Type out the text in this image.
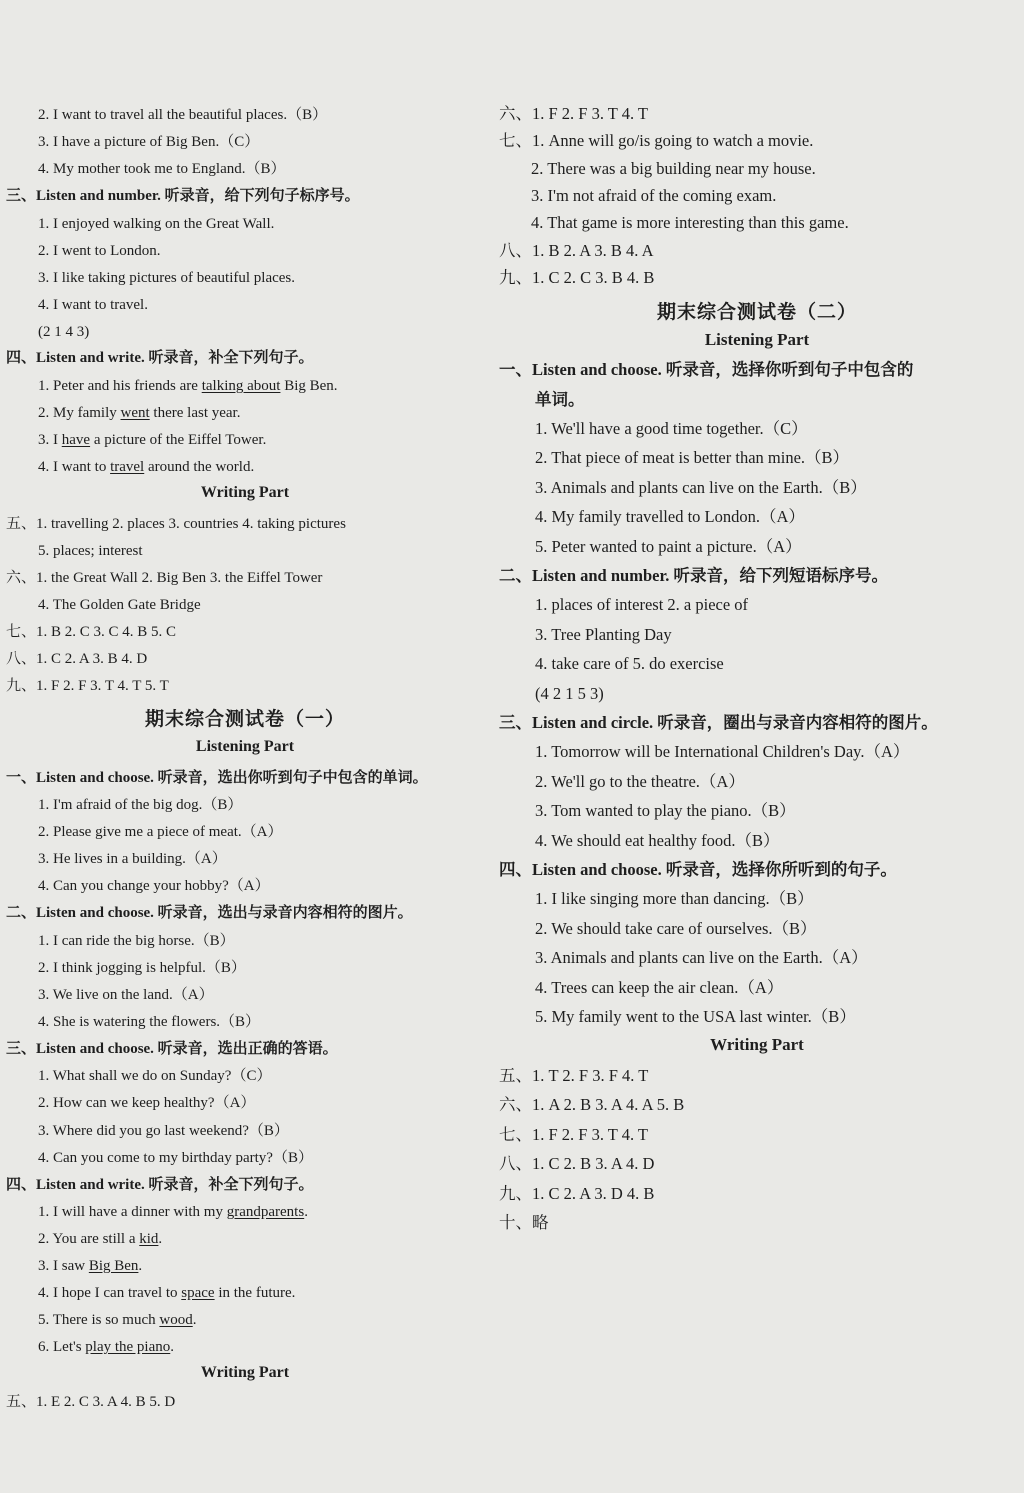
2. I want to travel all the beautiful places.（B）
3. I have a picture of Big Ben.（C）
4. My mother took me to England.（B）
三、Listen and number. 听录音，给下列句子标序号。
1. I enjoyed walking on the Great Wall.
2. I went to London.
3. I like taking pictures of beautiful places.
4. I want to travel.
(2 1 4 3)
四、Listen and write. 听录音，补全下列句子。
1. Peter and his friends are talking about Big Ben.
2. My family went there last year.
3. I have a picture of the Eiffel Tower.
4. I want to travel around the world.
Writing Part
五、1. travelling 2. places 3. countries 4. taking pictures
5. places; interest
六、1. the Great Wall 2. Big Ben 3. the Eiffel Tower
4. The Golden Gate Bridge
七、1. B 2. C 3. C 4. B 5. C
八、1. C 2. A 3. B 4. D
九、1. F 2. F 3. T 4. T 5. T
期末综合测试卷（一）
Listening Part
一、Listen and choose. 听录音，选出你听到句子中包含的单词。
1. I'm afraid of the big dog.（B）
2. Please give me a piece of meat.（A）
3. He lives in a building.（A）
4. Can you change your hobby?（A）
二、Listen and choose. 听录音，选出与录音内容相符的图片。
1. I can ride the big horse.（B）
2. I think jogging is helpful.（B）
3. We live on the land.（A）
4. She is watering the flowers.（B）
三、Listen and choose. 听录音，选出正确的答语。
1. What shall we do on Sunday?（C）
2. How can we keep healthy?（A）
3. Where did you go last weekend?（B）
4. Can you come to my birthday party?（B）
四、Listen and write. 听录音，补全下列句子。
1. I will have a dinner with my grandparents.
2. You are still a kid.
3. I saw Big Ben.
4. I hope I can travel to space in the future.
5. There is so much wood.
6. Let's play the piano.
Writing Part
五、1. E 2. C 3. A 4. B 5. D
六、1. F 2. F 3. T 4. T
七、1. Anne will go/is going to watch a movie.
2. There was a big building near my house.
3. I'm not afraid of the coming exam.
4. That game is more interesting than this game.
八、1. B 2. A 3. B 4. A
九、1. C 2. C 3. B 4. B
期末综合测试卷（二）
Listening Part
一、Listen and choose. 听录音，选择你听到句子中包含的
单词。
1. We'll have a good time together.（C）
2. That piece of meat is better than mine.（B）
3. Animals and plants can live on the Earth.（B）
4. My family travelled to London.（A）
5. Peter wanted to paint a picture.（A）
二、Listen and number. 听录音，给下列短语标序号。
1. places of interest 2. a piece of
3. Tree Planting Day
4. take care of 5. do exercise
(4 2 1 5 3)
三、Listen and circle. 听录音，圈出与录音内容相符的图片。
1. Tomorrow will be International Children's Day.（A）
2. We'll go to the theatre.（A）
3. Tom wanted to play the piano.（B）
4. We should eat healthy food.（B）
四、Listen and choose. 听录音，选择你所听到的句子。
1. I like singing more than dancing.（B）
2. We should take care of ourselves.（B）
3. Animals and plants can live on the Earth.（A）
4. Trees can keep the air clean.（A）
5. My family went to the USA last winter.（B）
Writing Part
五、1. T 2. F 3. F 4. T
六、1. A 2. B 3. A 4. A 5. B
七、1. F 2. F 3. T 4. T
八、1. C 2. B 3. A 4. D
九、1. C 2. A 3. D 4. B
十、略
